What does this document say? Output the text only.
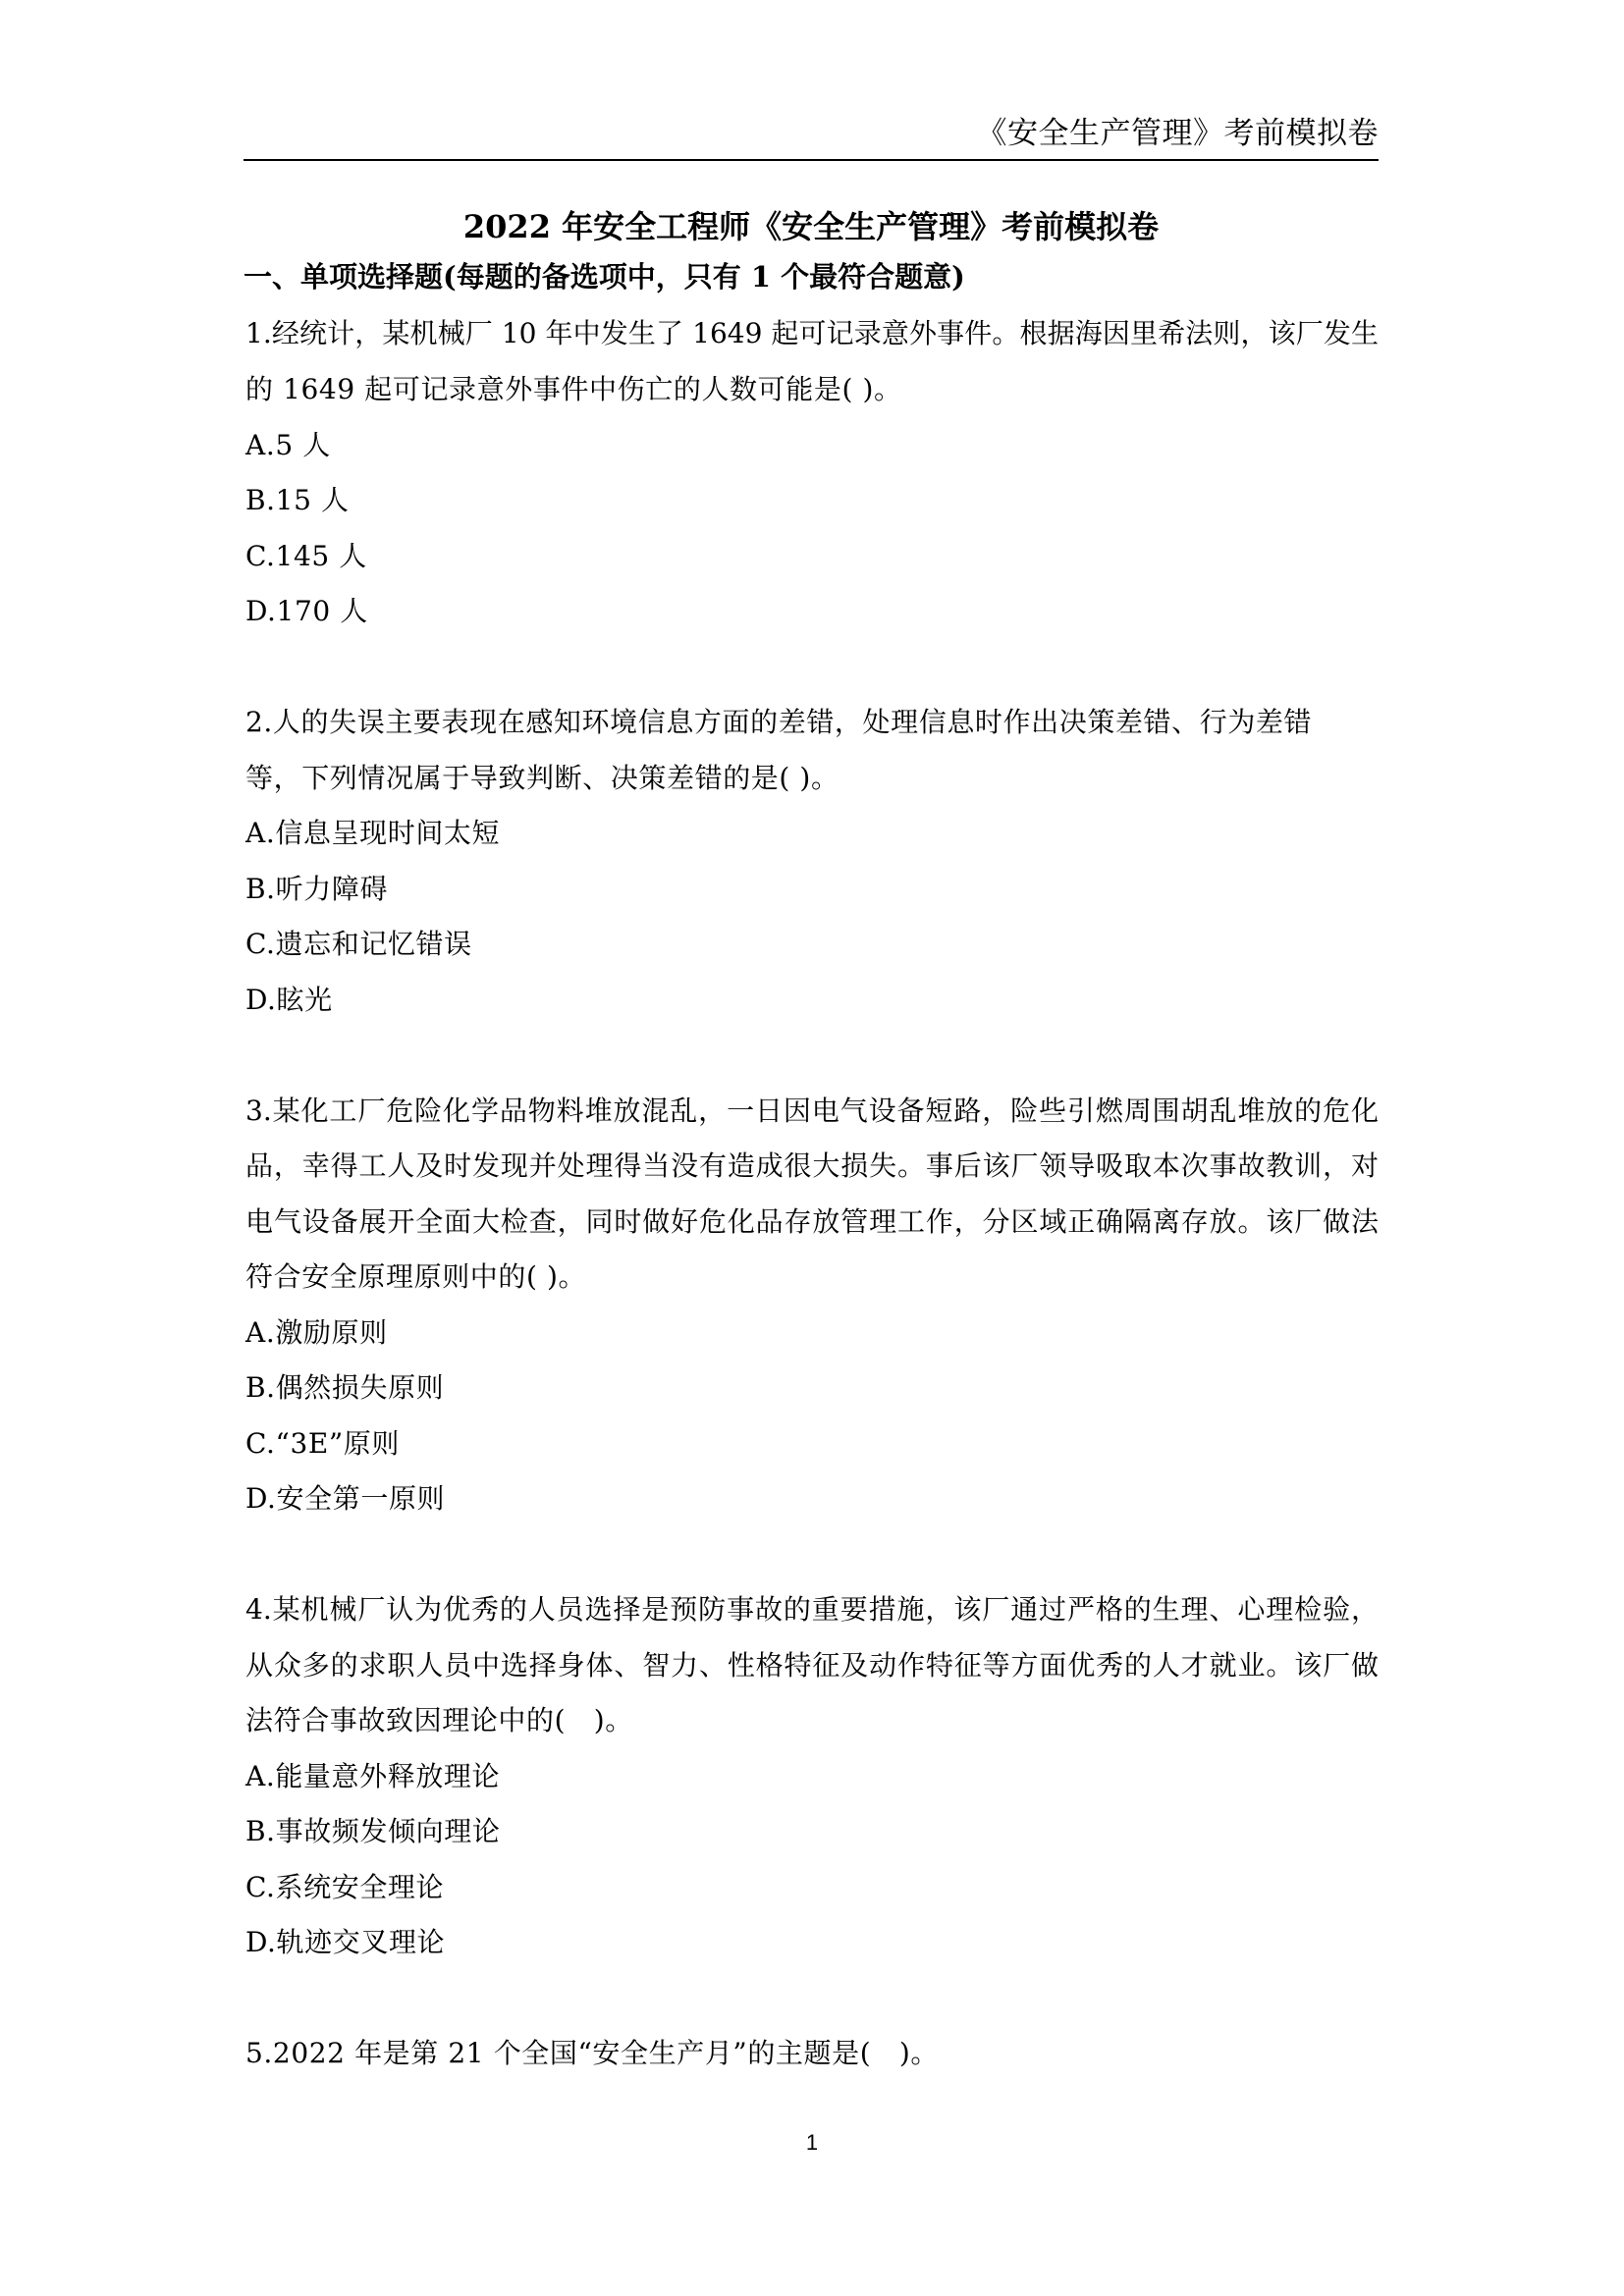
《安全生产管理》考前模拟卷
2022 年安全工程师《安全生产管理》考前模拟卷
一、单项选择题(每题的备选项中，只有 1 个最符合题意)
1.经统计，某机械厂 10 年中发生了 1649 起可记录意外事件。根据海因里希法则，该厂发生
的 1649 起可记录意外事件中伤亡的人数可能是( )。
A.5 人
B.15 人
C.145 人
D.170 人
2.人的失误主要表现在感知环境信息方面的差错，处理信息时作出决策差错、行为差错
等，下列情况属于导致判断、决策差错的是( )。
A.信息呈现时间太短
B.听力障碍
C.遗忘和记忆错误
D.眩光
3.某化工厂危险化学品物料堆放混乱，一日因电气设备短路，险些引燃周围胡乱堆放的危化
品，幸得工人及时发现并处理得当没有造成很大损失。事后该厂领导吸取本次事故教训，对
电气设备展开全面大检查，同时做好危化品存放管理工作，分区域正确隔离存放。该厂做法
符合安全原理原则中的( )。
A.激励原则
B.偶然损失原则
C.“3E”原则
D.安全第一原则
4.某机械厂认为优秀的人员选择是预防事故的重要措施，该厂通过严格的生理、心理检验，
从众多的求职人员中选择身体、智力、性格特征及动作特征等方面优秀的人才就业。该厂做
法符合事故致因理论中的(　)。
A.能量意外释放理论
B.事故频发倾向理论
C.系统安全理论
D.轨迹交叉理论
5.2022 年是第 21 个全国“安全生产月”的主题是(　)。
1
